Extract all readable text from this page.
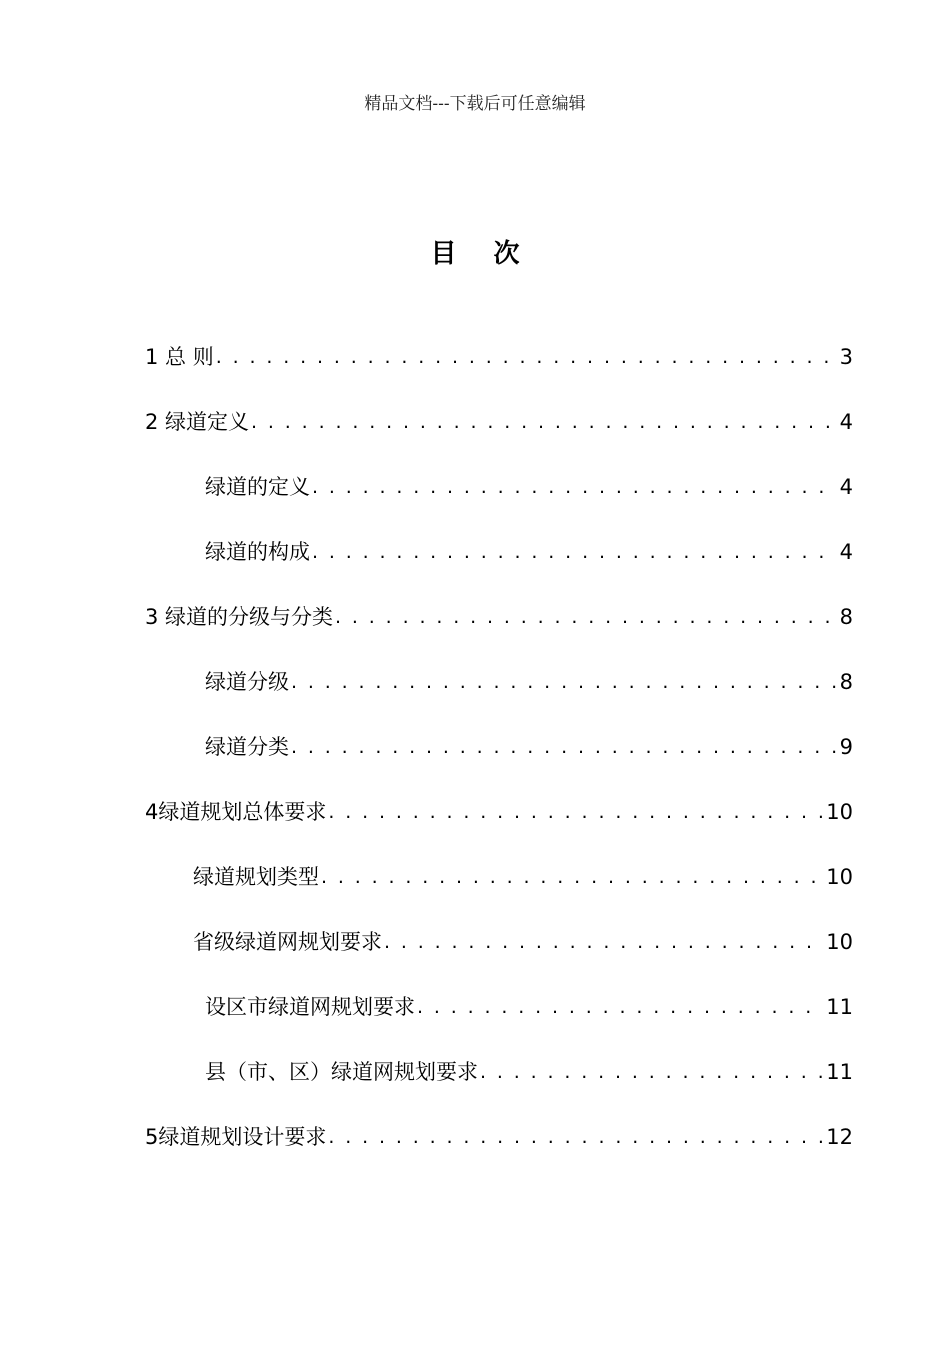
精品文档---下载后可任意编辑
目 次
1 总 则 . . .	3
2 绿道定义 . . .	4
绿道的定义 . . .	4
绿道的构成 . . .	4
3 绿道的分级与分类 . . .	8
绿道分级 . . .	8
绿道分类 . . .	9
4绿道规划总体要求 . . .	10
绿道规划类型 . . .	10
省级绿道网规划要求 . . .	10
设区市绿道网规划要求 . . .	11
县（市、区）绿道网规划要求 . . .	11
5绿道规划设计要求 . . .	12
